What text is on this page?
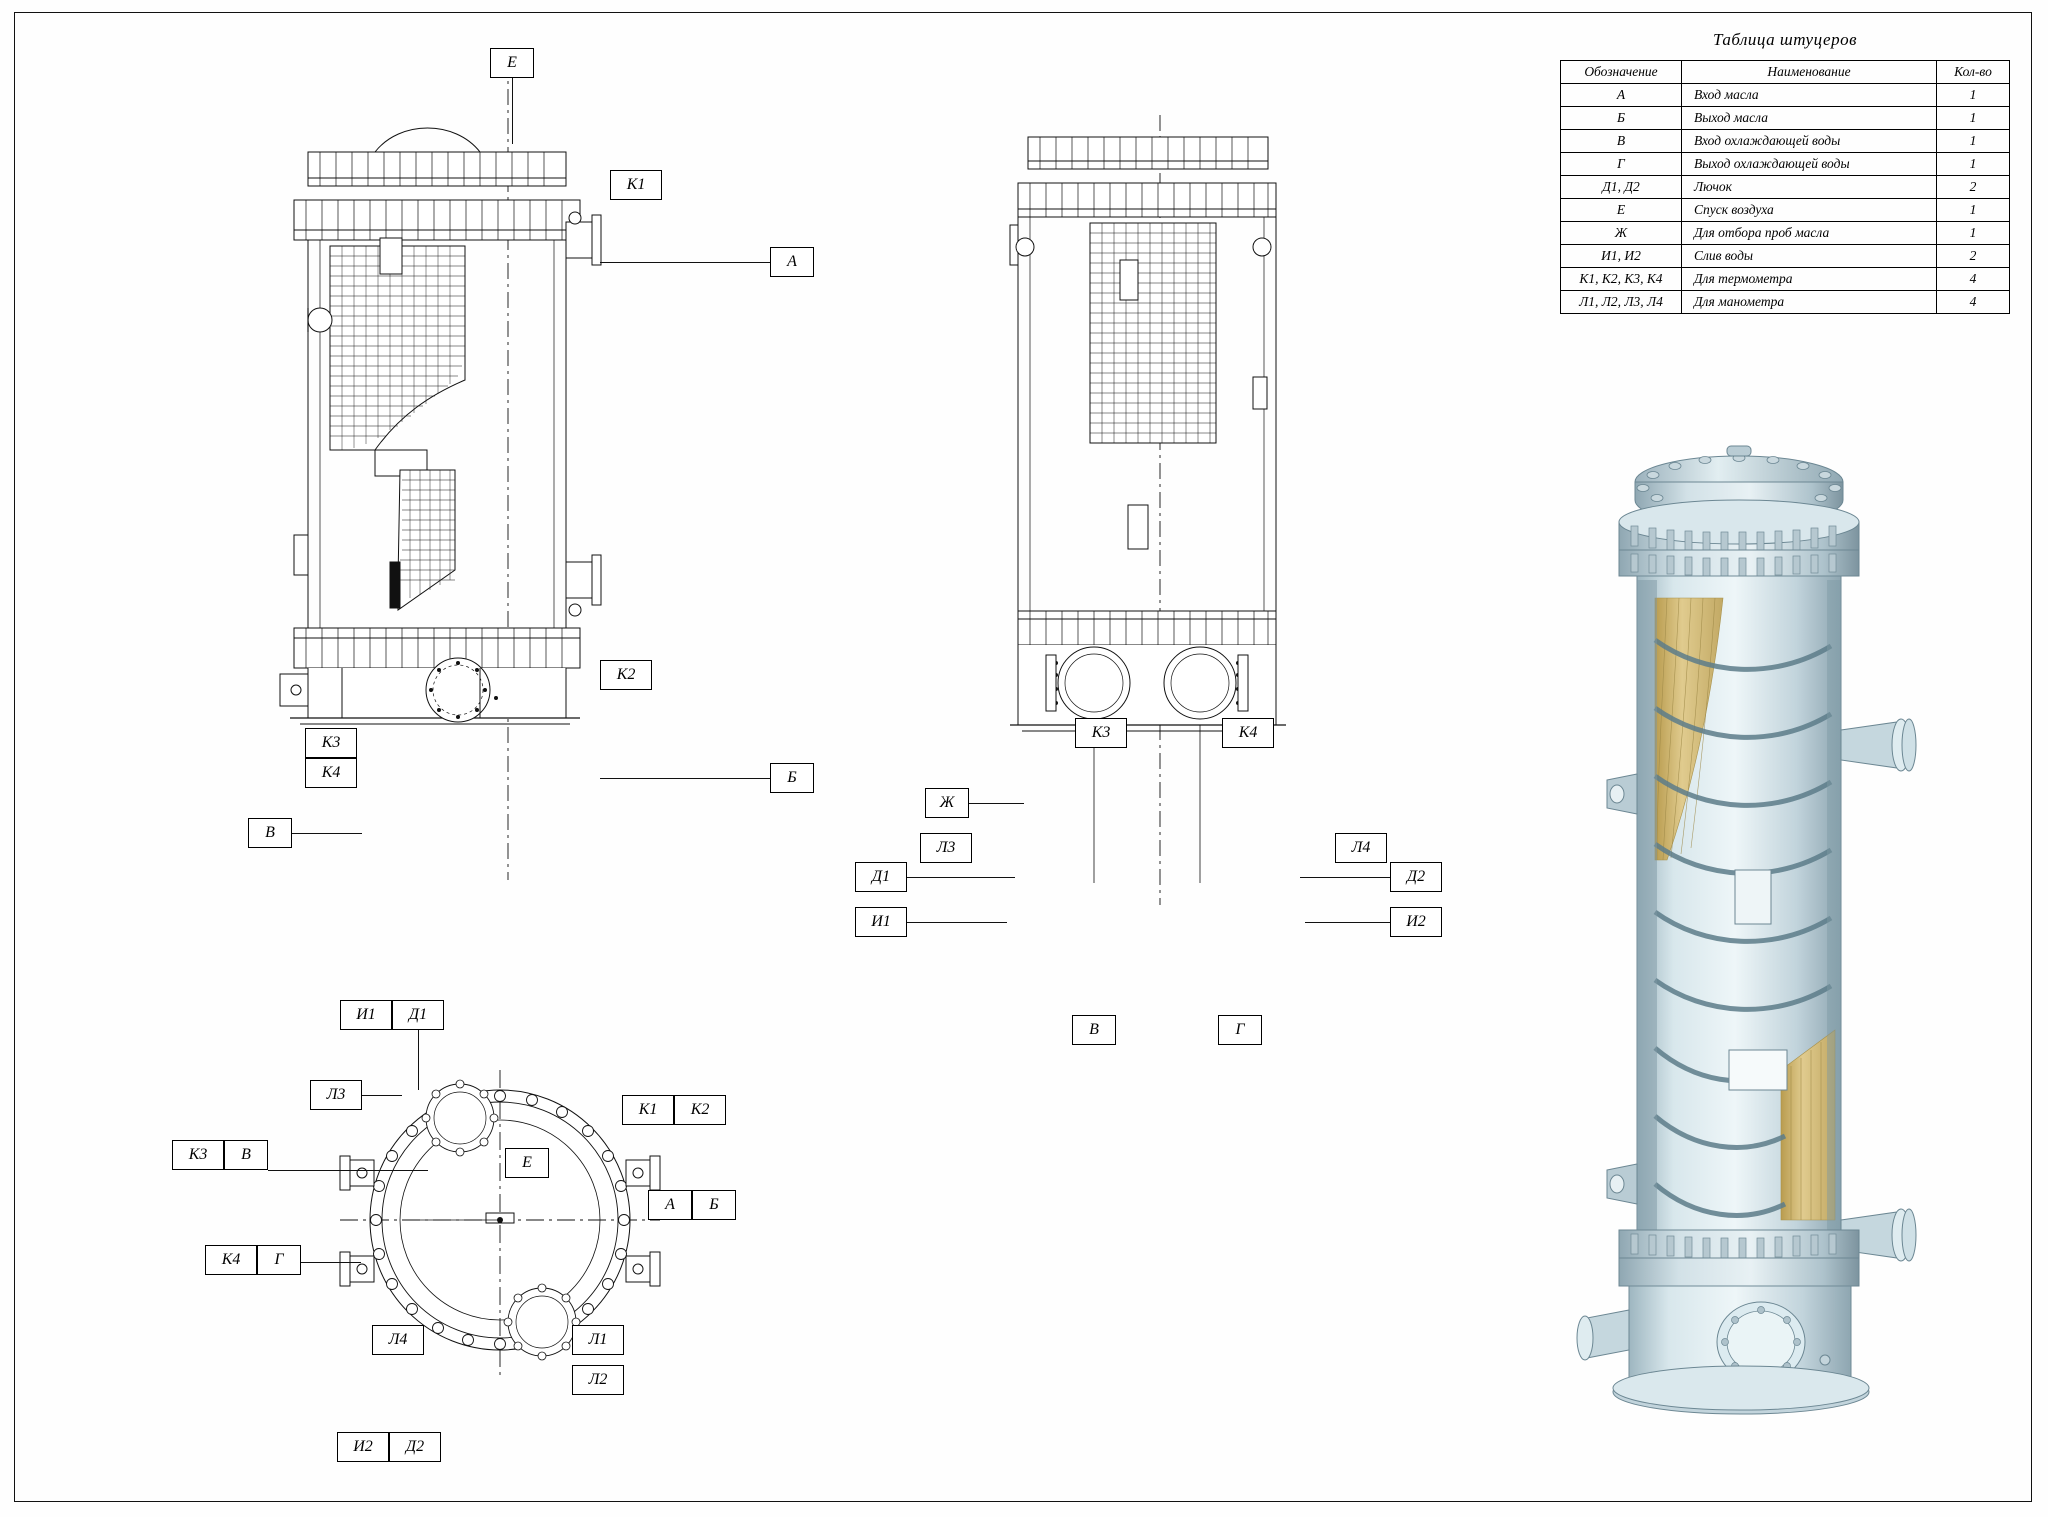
Таблица штуцеров
Обозначение	Наименование	Кол-во
А	Вход масла	1
Б	Выход масла	1
В	Вход охлаждающей воды	1
Г	Выход охлаждающей воды	1
Д1, Д2	Лючок	2
Е	Спуск воздуха	1
Ж	Для отбора проб масла	1
И1, И2	Слив воды	2
К1, К2, К3, К4	Для термометра	4
Л1, Л2, Л3, Л4	Для манометра	4
Е
К1
А
К2
К3
К4	Б
В
К3	К4
Ж
Л3	Л4
Д1	Д2
И1	И2
В	Г
И1	Д1
Л3
К3	В	Е
К1	К2
А	Б
К4	Г
Л4	Л1
Л2
И2	Д2
